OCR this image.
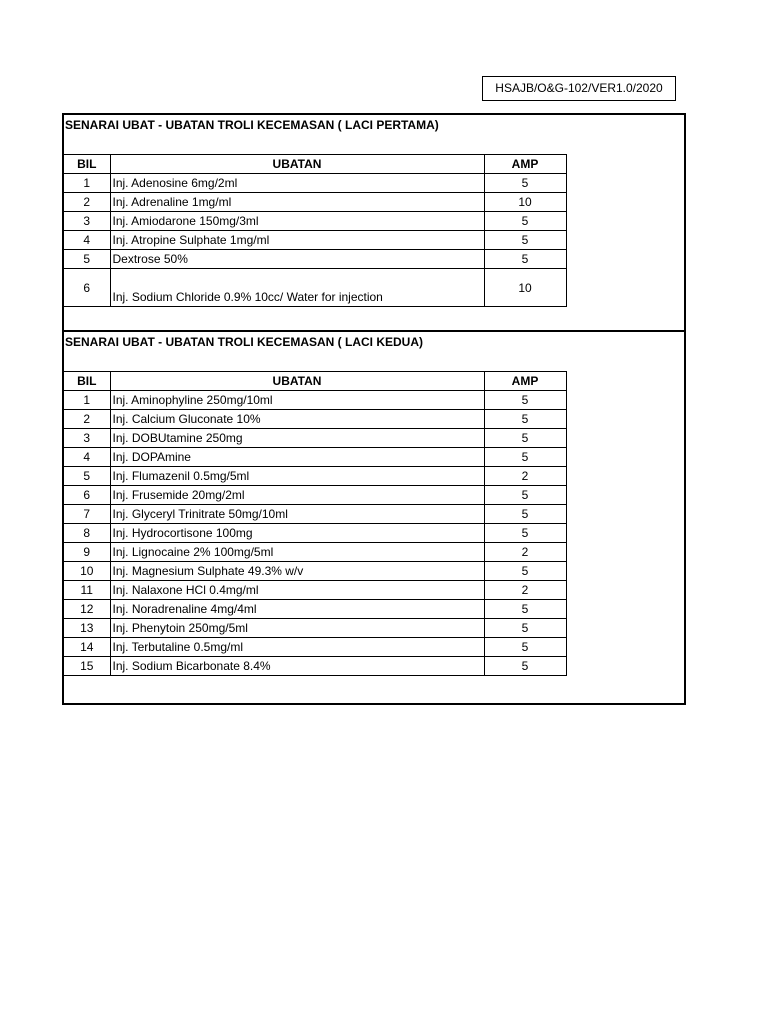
HSAJB/O&G-102/VER1.0/2020
SENARAI UBAT - UBATAN TROLI KECEMASAN ( LACI PERTAMA)
BIL	UBATAN	AMP
1	Inj. Adenosine 6mg/2ml	5
2	Inj. Adrenaline 1mg/ml	10
3	Inj. Amiodarone 150mg/3ml	5
4	Inj. Atropine Sulphate 1mg/ml	5
5	Dextrose 50%	5
6	Inj. Sodium Chloride 0.9% 10cc/ Water for injection	10
SENARAI UBAT - UBATAN TROLI KECEMASAN ( LACI KEDUA)
BIL	UBATAN	AMP
1	Inj. Aminophyline 250mg/10ml	5
2	Inj. Calcium Gluconate 10%	5
3	Inj. DOBUtamine 250mg	5
4	Inj. DOPAmine	5
5	Inj. Flumazenil 0.5mg/5ml	2
6	Inj. Frusemide 20mg/2ml	5
7	Inj. Glyceryl Trinitrate 50mg/10ml	5
8	Inj. Hydrocortisone 100mg	5
9	Inj. Lignocaine 2% 100mg/5ml	2
10	Inj. Magnesium Sulphate 49.3% w/v	5
11	Inj. Nalaxone HCl 0.4mg/ml	2
12	Inj. Noradrenaline 4mg/4ml	5
13	Inj. Phenytoin 250mg/5ml	5
14	Inj. Terbutaline 0.5mg/ml	5
15	Inj. Sodium Bicarbonate 8.4%	5
